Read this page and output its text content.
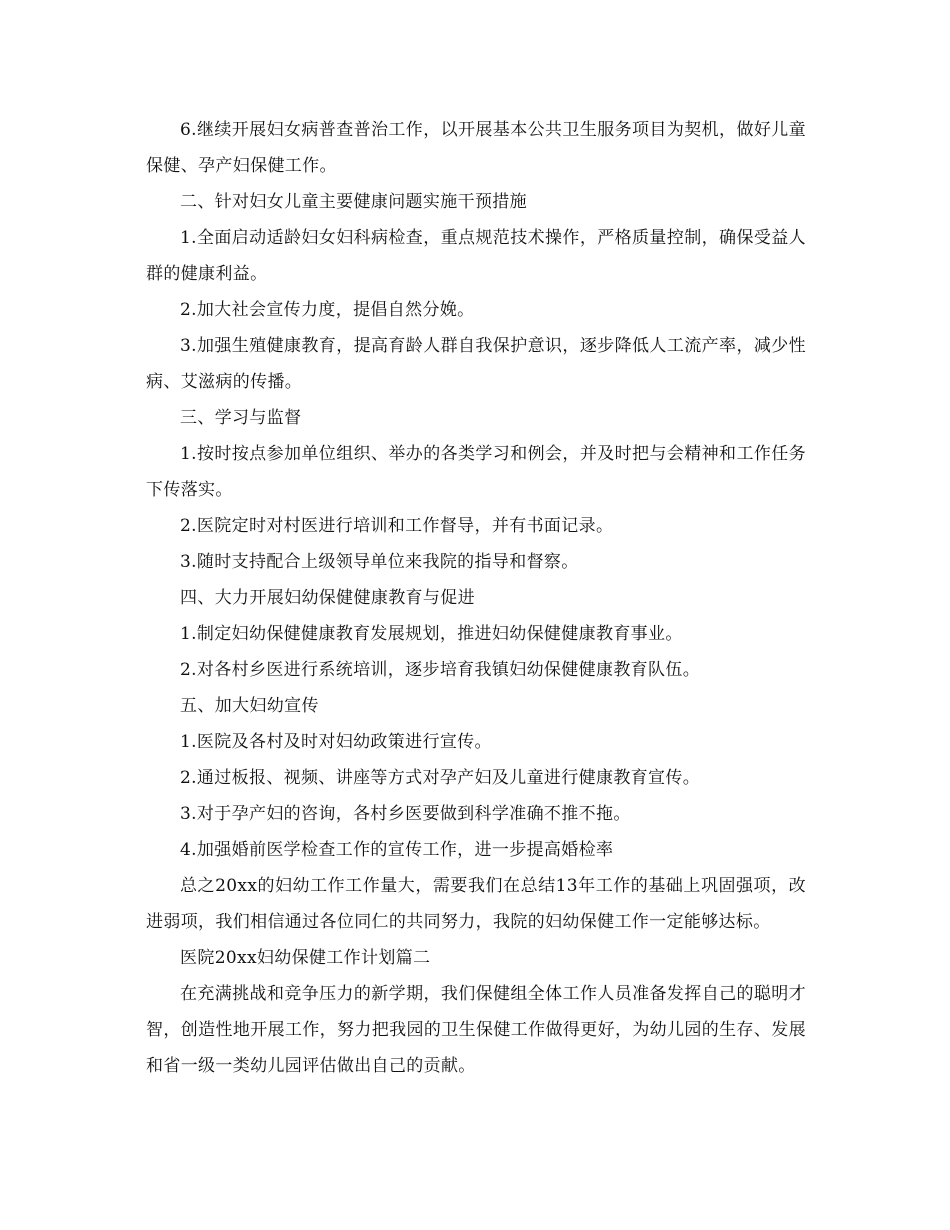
6.继续开展妇女病普查普治工作，以开展基本公共卫生服务项目为契机，做好儿童保健、孕产妇保健工作。

二、针对妇女儿童主要健康问题实施干预措施

1.全面启动适龄妇女妇科病检查，重点规范技术操作，严格质量控制，确保受益人群的健康利益。

2.加大社会宣传力度，提倡自然分娩。

3.加强生殖健康教育，提高育龄人群自我保护意识，逐步降低人工流产率，减少性病、艾滋病的传播。

三、学习与监督

1.按时按点参加单位组织、举办的各类学习和例会，并及时把与会精神和工作任务下传落实。

2.医院定时对村医进行培训和工作督导，并有书面记录。

3.随时支持配合上级领导单位来我院的指导和督察。

四、大力开展妇幼保健健康教育与促进

1.制定妇幼保健健康教育发展规划，推进妇幼保健健康教育事业。

2.对各村乡医进行系统培训，逐步培育我镇妇幼保健健康教育队伍。

五、加大妇幼宣传

1.医院及各村及时对妇幼政策进行宣传。

2.通过板报、视频、讲座等方式对孕产妇及儿童进行健康教育宣传。

3.对于孕产妇的咨询，各村乡医要做到科学准确不推不拖。

4.加强婚前医学检查工作的宣传工作，进一步提高婚检率

总之20xx的妇幼工作工作量大，需要我们在总结13年工作的基础上巩固强项，改进弱项，我们相信通过各位同仁的共同努力，我院的妇幼保健工作一定能够达标。

医院20xx妇幼保健工作计划篇二

在充满挑战和竞争压力的新学期，我们保健组全体工作人员准备发挥自己的聪明才智，创造性地开展工作，努力把我园的卫生保健工作做得更好，为幼儿园的生存、发展和省一级一类幼儿园评估做出自己的贡献。
